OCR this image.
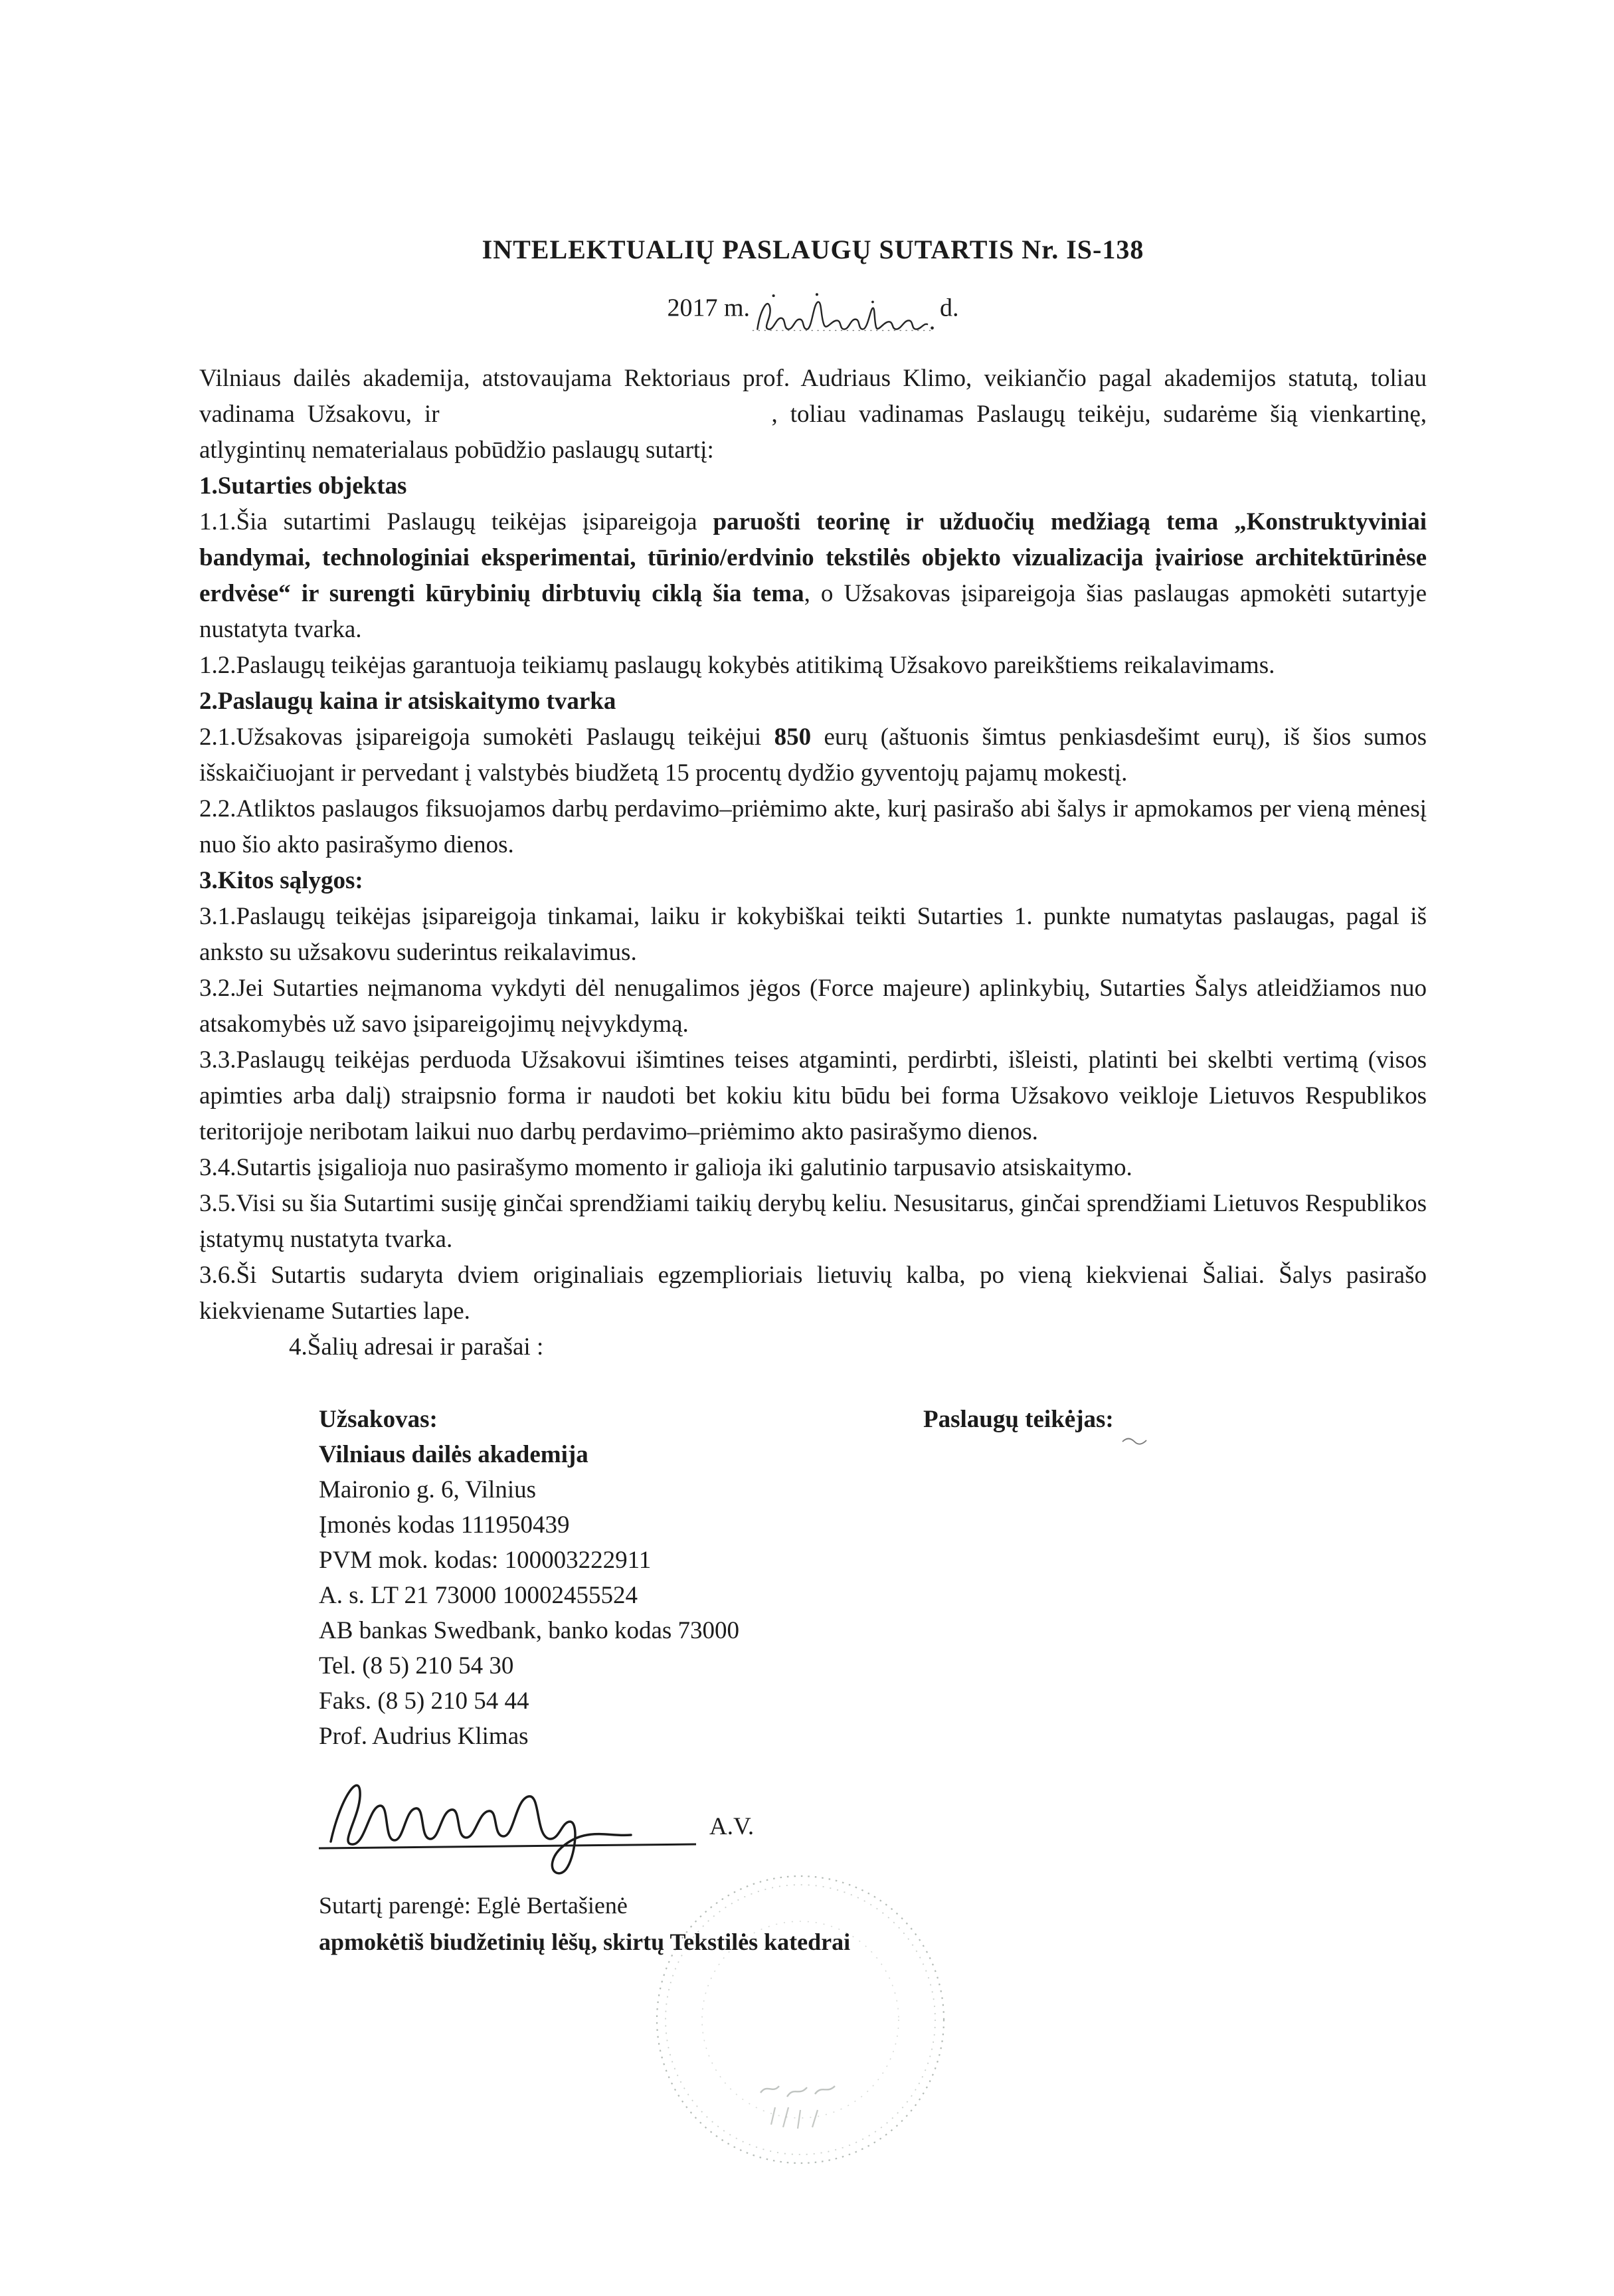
INTELEKTUALIŲ PASLAUGŲ SUTARTIS Nr. IS-138
2017 m.	d.

Vilniaus dailės akademija, atstovaujama Rektoriaus prof. Audriaus Klimo, veikiančio pagal akademijos statutą, toliau vadinama Užsakovu, ir	, toliau vadinamas Paslaugų teikėju, sudarėme šią vienkartinę, atlygintinų nematerialaus pobūdžio paslaugų sutartį:

1.Sutarties objektas

1.1.Šia sutartimi Paslaugų teikėjas įsipareigoja paruošti teorinę ir užduočių medžiagą tema „Konstruktyviniai bandymai, technologiniai eksperimentai, tūrinio/erdvinio tekstilės objekto vizualizacija įvairiose architektūrinėse erdvėse“ ir surengti kūrybinių dirbtuvių ciklą šia tema, o Užsakovas įsipareigoja šias paslaugas apmokėti sutartyje nustatyta tvarka.

1.2.Paslaugų teikėjas garantuoja teikiamų paslaugų kokybės atitikimą Užsakovo pareikštiems reikalavimams.

2.Paslaugų kaina ir atsiskaitymo tvarka

2.1.Užsakovas įsipareigoja sumokėti Paslaugų teikėjui 850 eurų (aštuonis šimtus penkiasdešimt eurų), iš šios sumos išskaičiuojant ir pervedant į valstybės biudžetą 15 procentų dydžio gyventojų pajamų mokestį.

2.2.Atliktos paslaugos fiksuojamos darbų perdavimo–priėmimo akte, kurį pasirašo abi šalys ir apmokamos per vieną mėnesį nuo šio akto pasirašymo dienos.

3.Kitos sąlygos:

3.1.Paslaugų teikėjas įsipareigoja tinkamai, laiku ir kokybiškai teikti Sutarties 1. punkte numatytas paslaugas, pagal iš anksto su užsakovu suderintus reikalavimus.

3.2.Jei Sutarties neįmanoma vykdyti dėl nenugalimos jėgos (Force majeure) aplinkybių, Sutarties Šalys atleidžiamos nuo atsakomybės už savo įsipareigojimų neįvykdymą.

3.3.Paslaugų teikėjas perduoda Užsakovui išimtines teises atgaminti, perdirbti, išleisti, platinti bei skelbti vertimą (visos apimties arba dalį) straipsnio forma ir naudoti bet kokiu kitu būdu bei forma Užsakovo veikloje Lietuvos Respublikos teritorijoje neribotam laikui nuo darbų perdavimo–priėmimo akto pasirašymo dienos.

3.4.Sutartis įsigalioja nuo pasirašymo momento ir galioja iki galutinio tarpusavio atsiskaitymo.

3.5.Visi su šia Sutartimi susiję ginčai sprendžiami taikių derybų keliu. Nesusitarus, ginčai sprendžiami Lietuvos Respublikos įstatymų nustatyta tvarka.

3.6.Ši Sutartis sudaryta dviem originaliais egzemplioriais lietuvių kalba, po vieną kiekvienai Šaliai. Šalys pasirašo kiekviename Sutarties lape.

4.Šalių adresai ir parašai :

Užsakovas:
Vilniaus dailės akademija
Maironio g. 6, Vilnius
Įmonės kodas 111950439
PVM mok. kodas: 100003222911
A. s. LT 21 73000 10002455524
AB bankas Swedbank, banko kodas 73000
Tel. (8 5) 210 54 30
Faks. (8 5) 210 54 44
Prof. Audrius Klimas
Paslaugų teikėjas:
A.V.
Sutartį parengė: Eglė Bertašienė
apmokėtiš biudžetinių lėšų, skirtų Tekstilės katedrai
